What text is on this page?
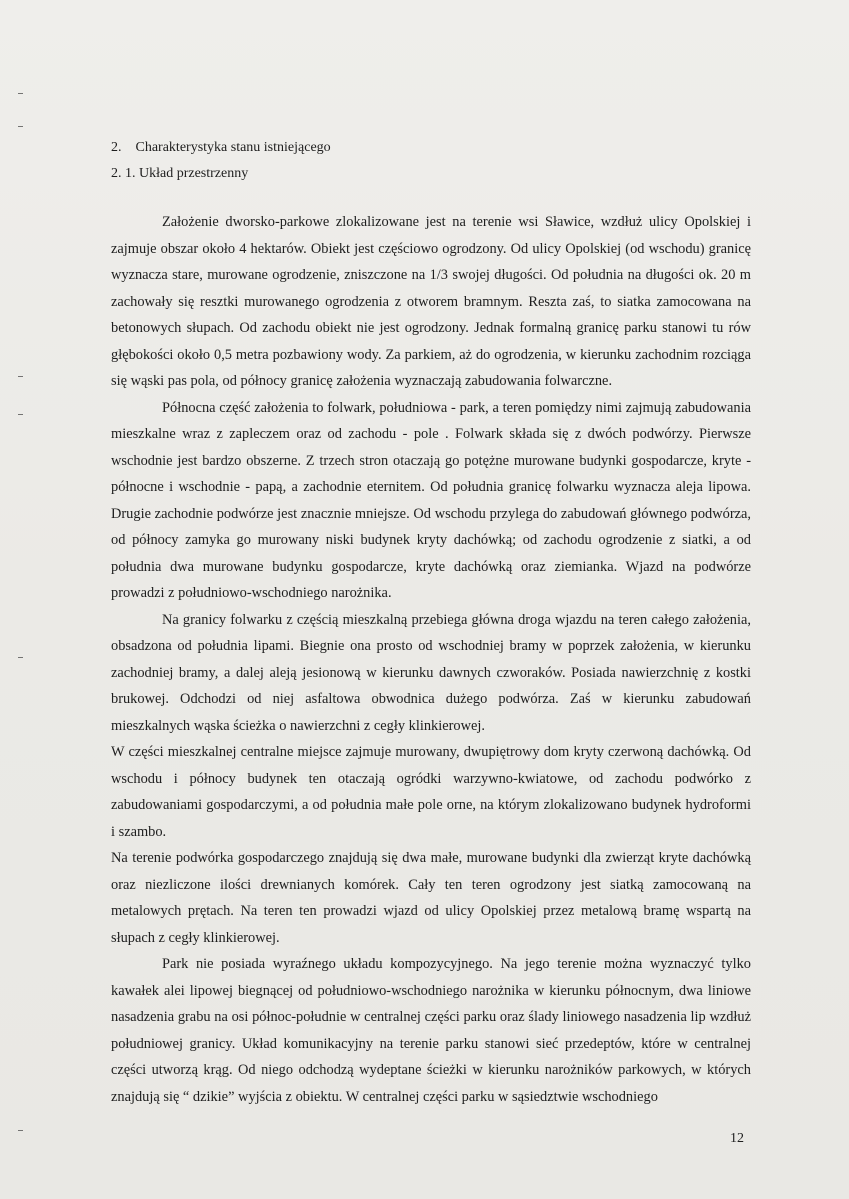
2.    Charakterystyka stanu istniejącego
2. 1. Układ przestrzenny

Założenie dworsko-parkowe zlokalizowane jest na terenie wsi Sławice, wzdłuż ulicy Opolskiej i zajmuje obszar około 4 hektarów. Obiekt jest częściowo ogrodzony. Od ulicy Opolskiej (od wschodu) granicę wyznacza stare, murowane ogrodzenie, zniszczone na 1/3 swojej długości. Od południa na długości ok. 20 m zachowały się resztki murowanego ogrodzenia z otworem bramnym. Reszta zaś, to siatka zamocowana na betonowych słupach. Od zachodu obiekt nie jest ogrodzony. Jednak formalną granicę parku stanowi tu rów głębokości około 0,5 metra pozbawiony wody. Za parkiem, aż do ogrodzenia, w kierunku zachodnim rozciąga się wąski pas pola, od północy granicę założenia wyznaczają zabudowania folwarczne.

Północna część założenia to folwark, południowa - park, a teren pomiędzy nimi zajmują zabudowania mieszkalne wraz z zapleczem oraz od zachodu - pole . Folwark składa się z dwóch podwórzy. Pierwsze wschodnie jest bardzo obszerne. Z trzech stron otaczają go potężne murowane budynki gospodarcze, kryte - północne i wschodnie - papą, a zachodnie eternitem. Od południa granicę folwarku wyznacza aleja lipowa. Drugie zachodnie podwórze jest znacznie mniejsze. Od wschodu przylega do zabudowań głównego podwórza, od północy zamyka go murowany niski budynek kryty dachówką; od zachodu ogrodzenie z siatki, a od południa dwa murowane budynku gospodarcze, kryte dachówką oraz ziemianka. Wjazd na podwórze prowadzi z południowo-wschodniego narożnika.

Na granicy folwarku z częścią mieszkalną przebiega główna droga wjazdu na teren całego założenia, obsadzona od południa lipami. Biegnie ona prosto od wschodniej bramy w poprzek założenia, w kierunku zachodniej bramy, a dalej aleją jesionową w kierunku dawnych czworaków. Posiada nawierzchnię z kostki brukowej. Odchodzi od niej asfaltowa obwodnica dużego podwórza. Zaś w kierunku zabudowań mieszkalnych wąska ścieżka o nawierzchni z cegły klinkierowej.

W części mieszkalnej centralne miejsce zajmuje murowany, dwupiętrowy dom kryty czerwoną dachówką. Od wschodu i północy budynek ten otaczają ogródki warzywno-kwiatowe, od zachodu podwórko z zabudowaniami gospodarczymi, a od południa małe pole orne, na którym zlokalizowano budynek hydroformi i szambo.

Na terenie podwórka gospodarczego znajdują się dwa małe, murowane budynki dla zwierząt kryte dachówką oraz niezliczone ilości drewnianych komórek. Cały ten teren ogrodzony jest siatką zamocowaną na metalowych prętach. Na teren ten prowadzi wjazd od ulicy Opolskiej przez metalową bramę wspartą na słupach z cegły klinkierowej.

Park nie posiada wyraźnego układu kompozycyjnego. Na jego terenie można wyznaczyć tylko kawałek alei lipowej biegnącej od południowo-wschodniego narożnika w kierunku północnym, dwa liniowe nasadzenia grabu na osi północ-południe w centralnej części parku oraz ślady liniowego nasadzenia lip wzdłuż południowej granicy. Układ komunikacyjny na terenie parku stanowi sieć przedeptów, które w centralnej części utworzą krąg. Od niego odchodzą wydeptane ścieżki w kierunku narożników parkowych, w których znajdują się “ dzikie” wyjścia z obiektu. W centralnej części parku w sąsiedztwie wschodniego

12
